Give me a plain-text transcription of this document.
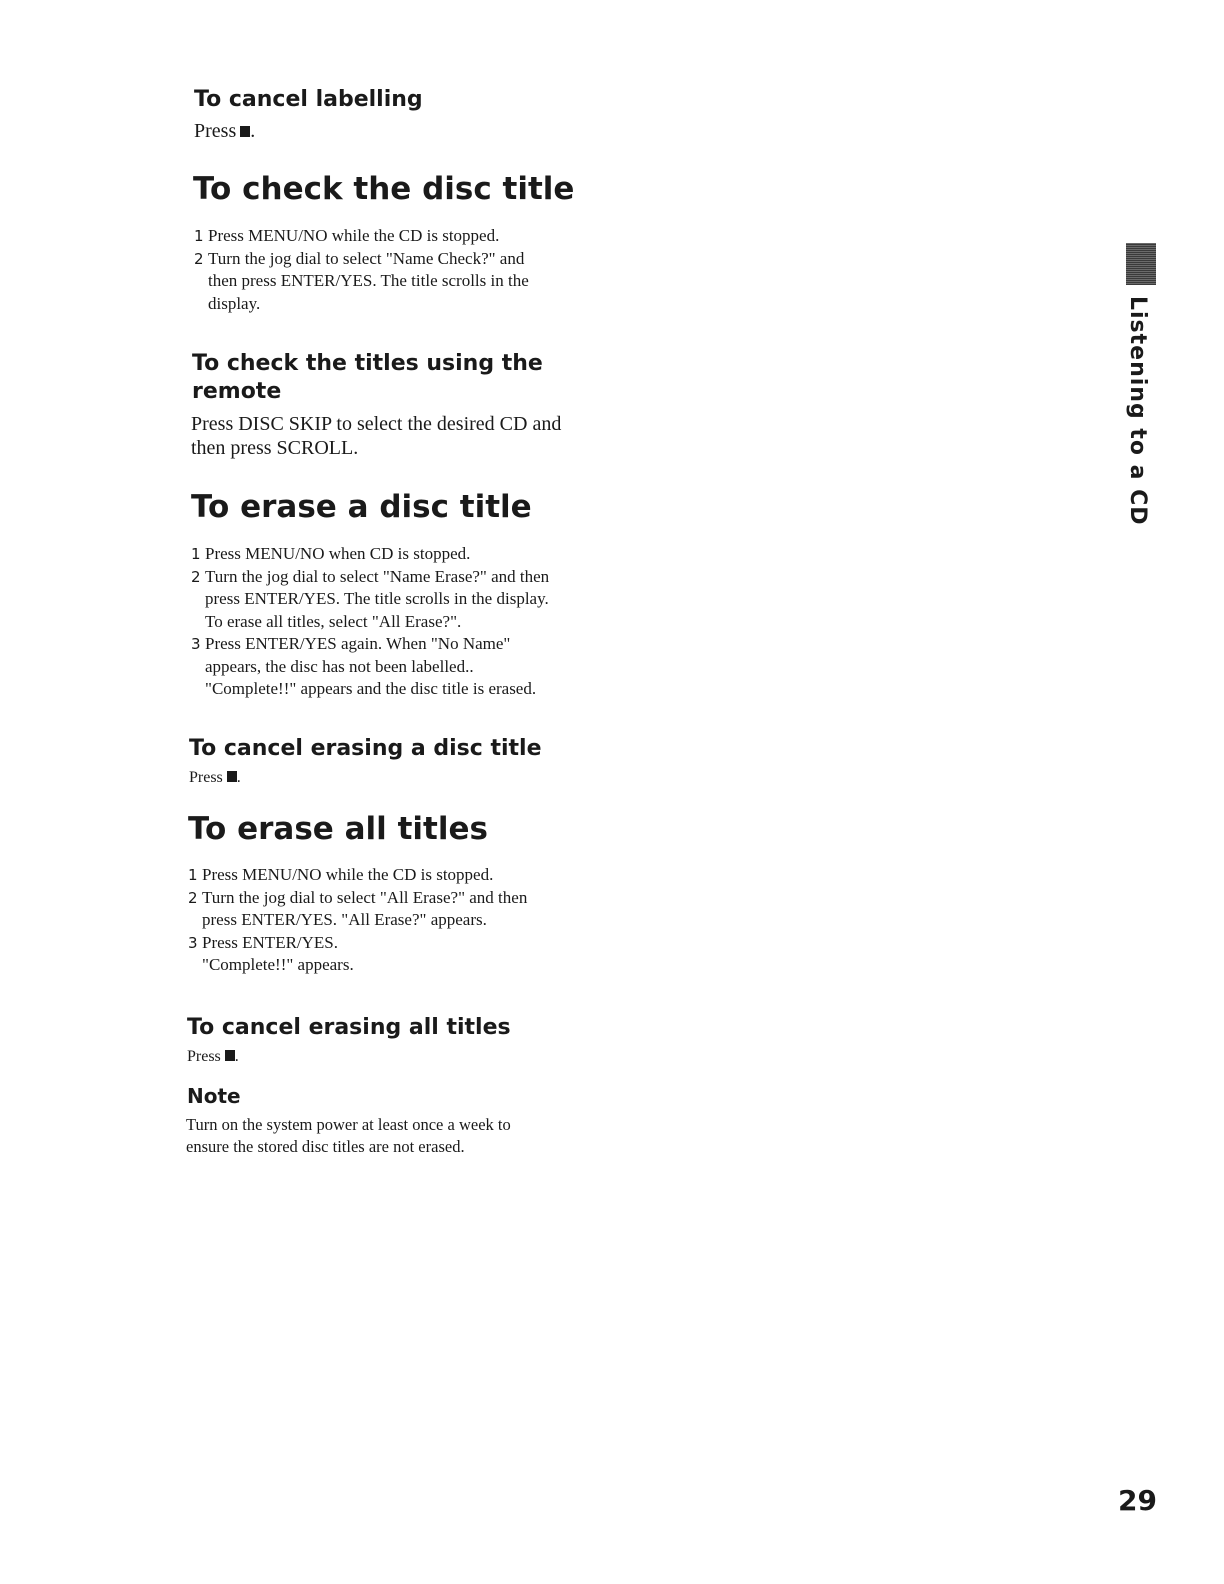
To cancel labelling
Press .
To check the disc title
1 Press MENU/NO while the CD is stopped.
2 Turn the jog dial to select "Name Check?" and
then press ENTER/YES. The title scrolls in the
display.
To check the titles using the
remote
Press DISC SKIP to select the desired CD and
then press SCROLL.
To erase a disc title
1 Press MENU/NO when CD is stopped.
2 Turn the jog dial to select "Name Erase?" and then
press ENTER/YES. The title scrolls in the display.
To erase all titles, select "All Erase?".
3 Press ENTER/YES again. When "No Name"
appears, the disc has not been labelled..
"Complete!!" appears and the disc title is erased.
To cancel erasing a disc title
Press .
To erase all titles
1 Press MENU/NO while the CD is stopped.
2 Turn the jog dial to select "All Erase?" and then
press ENTER/YES. "All Erase?" appears.
3 Press ENTER/YES.
"Complete!!" appears.
To cancel erasing all titles
Press .
Note
Turn on the system power at least once a week to
ensure the stored disc titles are not erased.
Listening to a CD
29
